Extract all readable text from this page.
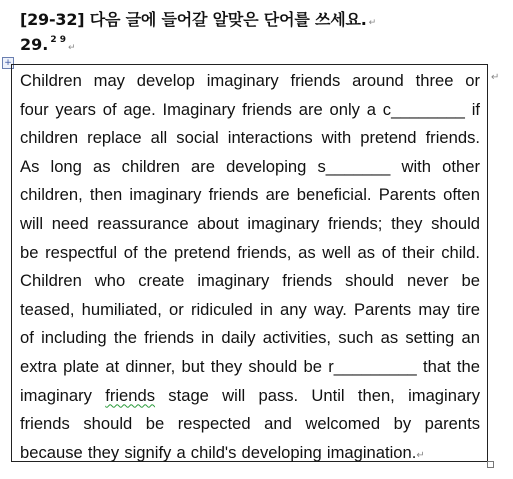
[29-32] 다음 글에 들어갈 알맞은 단어를 쓰세요. ↵
29. $^{2 9}$↵
+
↵
Children may develop imaginary friends around three or
four years of age. Imaginary friends are only a c________ if
children replace all social interactions with pretend friends.
As long as children are developing s_______ with other
children, then imaginary friends are beneficial. Parents often
will need reassurance about imaginary friends; they should
be respectful of the pretend friends, as well as of their child.
Children who create imaginary friends should never be
teased, humiliated, or ridiculed in any way. Parents may tire
of including the friends in daily activities, such as setting an
extra plate at dinner, but they should be r_________ that the
imaginary friends stage will pass. Until then, imaginary
friends should be respected and welcomed by parents
because they signify a child's developing imagination.↵
